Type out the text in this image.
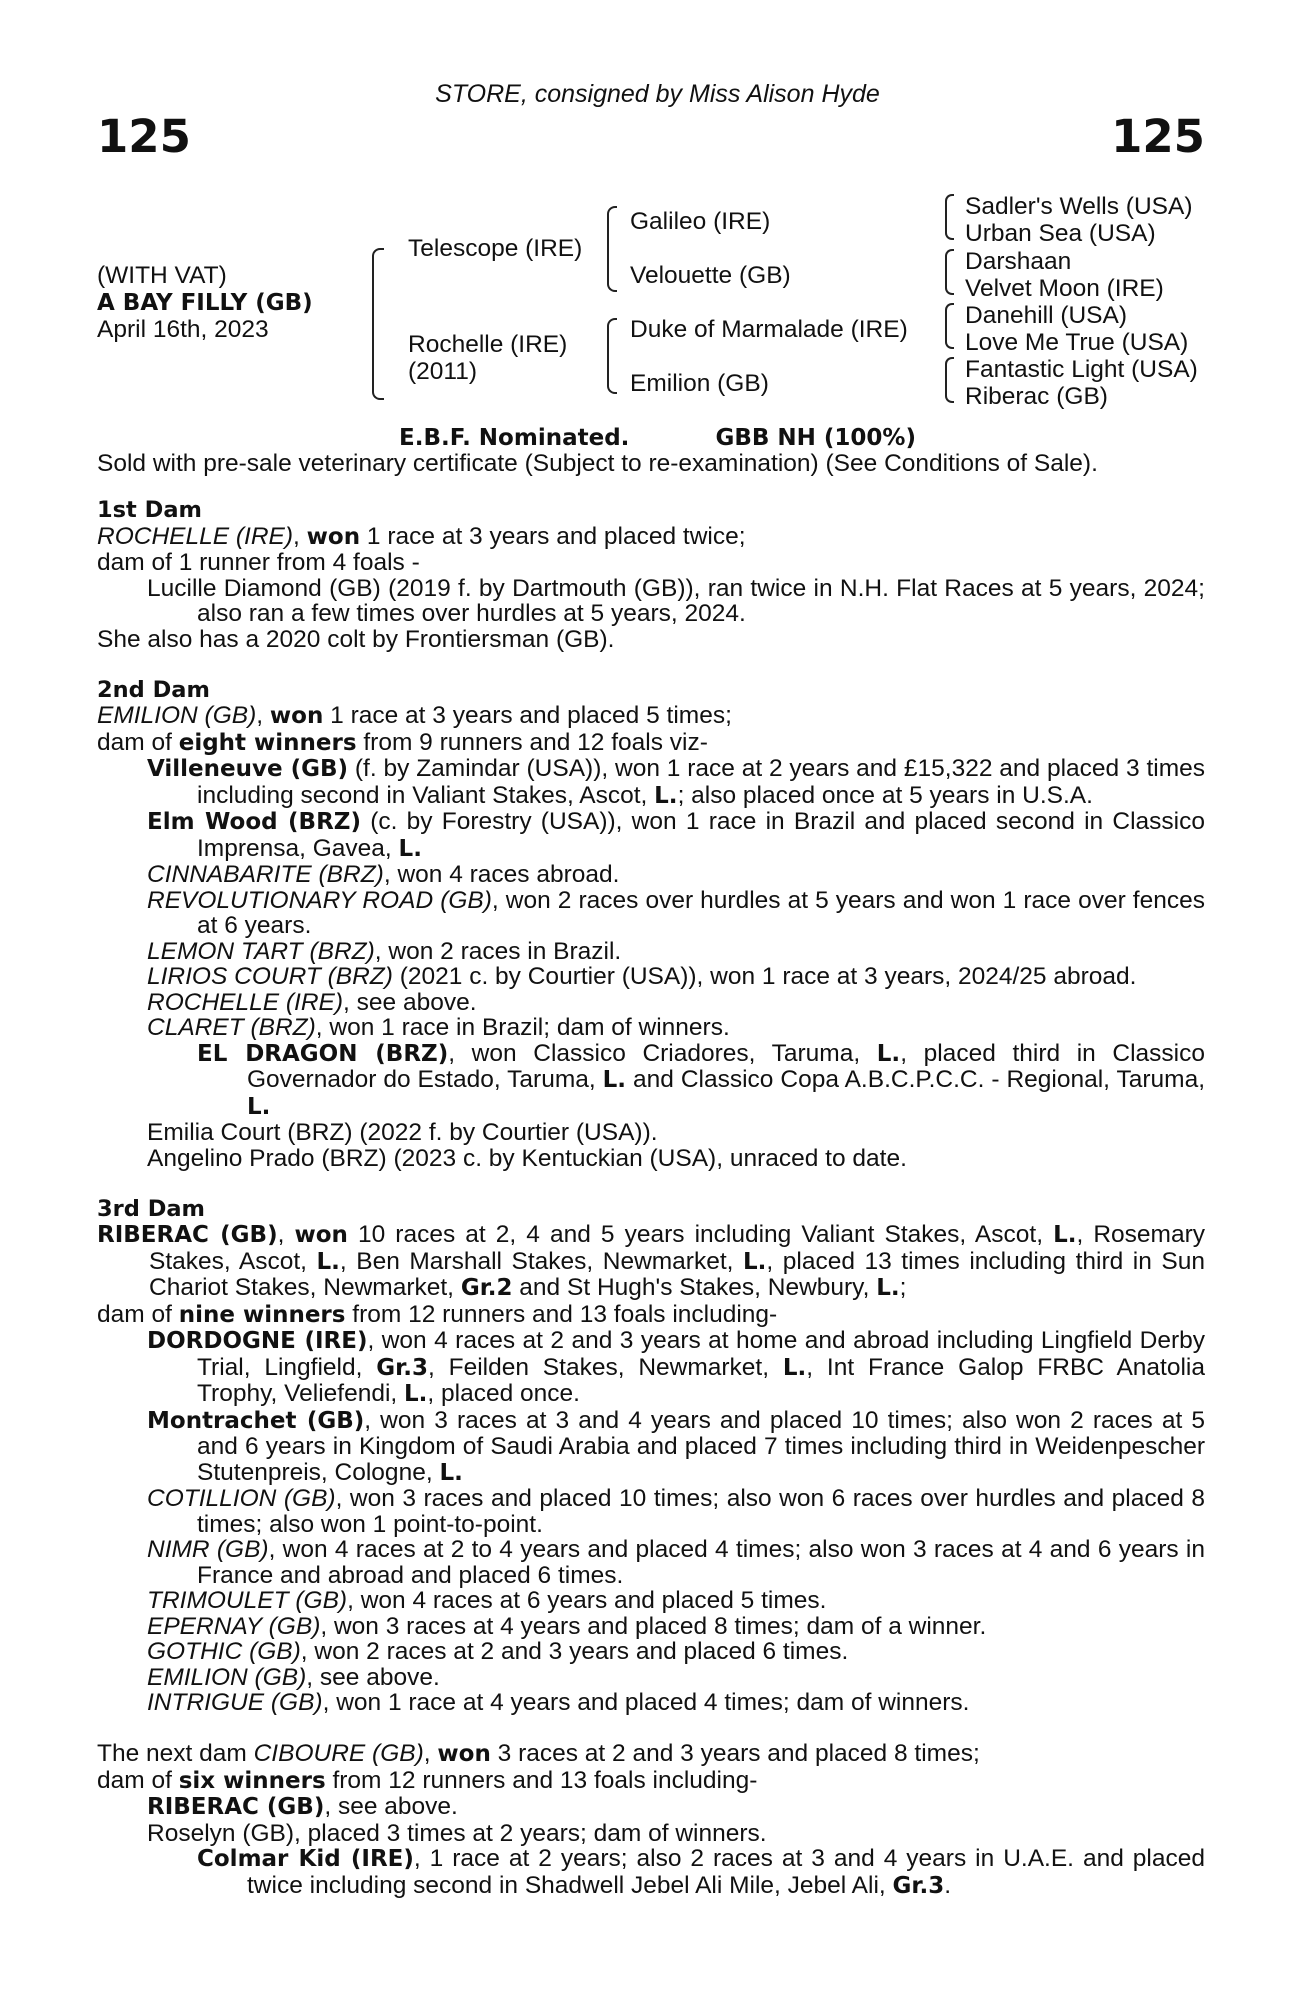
STORE, consigned by Miss Alison Hyde
125	125
(WITH VAT)
A BAY FILLY (GB)
April 16th, 2023
Telescope (IRE)
Rochelle (IRE)
(2011)
Galileo (IRE)
Velouette (GB)
Duke of Marmalade (IRE)
Emilion (GB)
Sadler's Wells (USA)
Urban Sea (USA)
Darshaan
Velvet Moon (IRE)
Danehill (USA)
Love Me True (USA)
Fantastic Light (USA)
Riberac (GB)
E.B.F. Nominated.	GBB NH (100%)
Sold with pre-sale veterinary certificate (Subject to re-examination) (See Conditions of Sale).
1st Dam
ROCHELLE (IRE), won 1 race at 3 years and placed twice;
dam of 1 runner from 4 foals -
Lucille Diamond (GB) (2019 f. by Dartmouth (GB)), ran twice in N.H. Flat Races at 5 years, 2024; also ran a few times over hurdles at 5 years, 2024.
She also has a 2020 colt by Frontiersman (GB).
2nd Dam
EMILION (GB), won 1 race at 3 years and placed 5 times;
dam of eight winners from 9 runners and 12 foals viz-
Villeneuve (GB) (f. by Zamindar (USA)), won 1 race at 2 years and £15,322 and placed 3 times including second in Valiant Stakes, Ascot, L.; also placed once at 5 years in U.S.A.
Elm Wood (BRZ) (c. by Forestry (USA)), won 1 race in Brazil and placed second in Classico Imprensa, Gavea, L.
CINNABARITE (BRZ), won 4 races abroad.
REVOLUTIONARY ROAD (GB), won 2 races over hurdles at 5 years and won 1 race over fences at 6 years.
LEMON TART (BRZ), won 2 races in Brazil.
LIRIOS COURT (BRZ) (2021 c. by Courtier (USA)), won 1 race at 3 years, 2024/25 abroad.
ROCHELLE (IRE), see above.
CLARET (BRZ), won 1 race in Brazil; dam of winners.
EL DRAGON (BRZ), won Classico Criadores, Taruma, L., placed third in Classico Governador do Estado, Taruma, L. and Classico Copa A.B.C.P.C.C. - Regional, Taruma, L.
Emilia Court (BRZ) (2022 f. by Courtier (USA)).
Angelino Prado (BRZ) (2023 c. by Kentuckian (USA), unraced to date.
3rd Dam
RIBERAC (GB), won 10 races at 2, 4 and 5 years including Valiant Stakes, Ascot, L., Rosemary Stakes, Ascot, L., Ben Marshall Stakes, Newmarket, L., placed 13 times including third in Sun Chariot Stakes, Newmarket, Gr.2 and St Hugh's Stakes, Newbury, L.;
dam of nine winners from 12 runners and 13 foals including-
DORDOGNE (IRE), won 4 races at 2 and 3 years at home and abroad including Lingfield Derby Trial, Lingfield, Gr.3, Feilden Stakes, Newmarket, L., Int France Galop FRBC Anatolia Trophy, Veliefendi, L., placed once.
Montrachet (GB), won 3 races at 3 and 4 years and placed 10 times; also won 2 races at 5 and 6 years in Kingdom of Saudi Arabia and placed 7 times including third in Weidenpescher Stutenpreis, Cologne, L.
COTILLION (GB), won 3 races and placed 10 times; also won 6 races over hurdles and placed 8 times; also won 1 point-to-point.
NIMR (GB), won 4 races at 2 to 4 years and placed 4 times; also won 3 races at 4 and 6 years in France and abroad and placed 6 times.
TRIMOULET (GB), won 4 races at 6 years and placed 5 times.
EPERNAY (GB), won 3 races at 4 years and placed 8 times; dam of a winner.
GOTHIC (GB), won 2 races at 2 and 3 years and placed 6 times.
EMILION (GB), see above.
INTRIGUE (GB), won 1 race at 4 years and placed 4 times; dam of winners.
The next dam CIBOURE (GB), won 3 races at 2 and 3 years and placed 8 times;
dam of six winners from 12 runners and 13 foals including-
RIBERAC (GB), see above.
Roselyn (GB), placed 3 times at 2 years; dam of winners.
Colmar Kid (IRE), 1 race at 2 years; also 2 races at 3 and 4 years in U.A.E. and placed twice including second in Shadwell Jebel Ali Mile, Jebel Ali, Gr.3.
